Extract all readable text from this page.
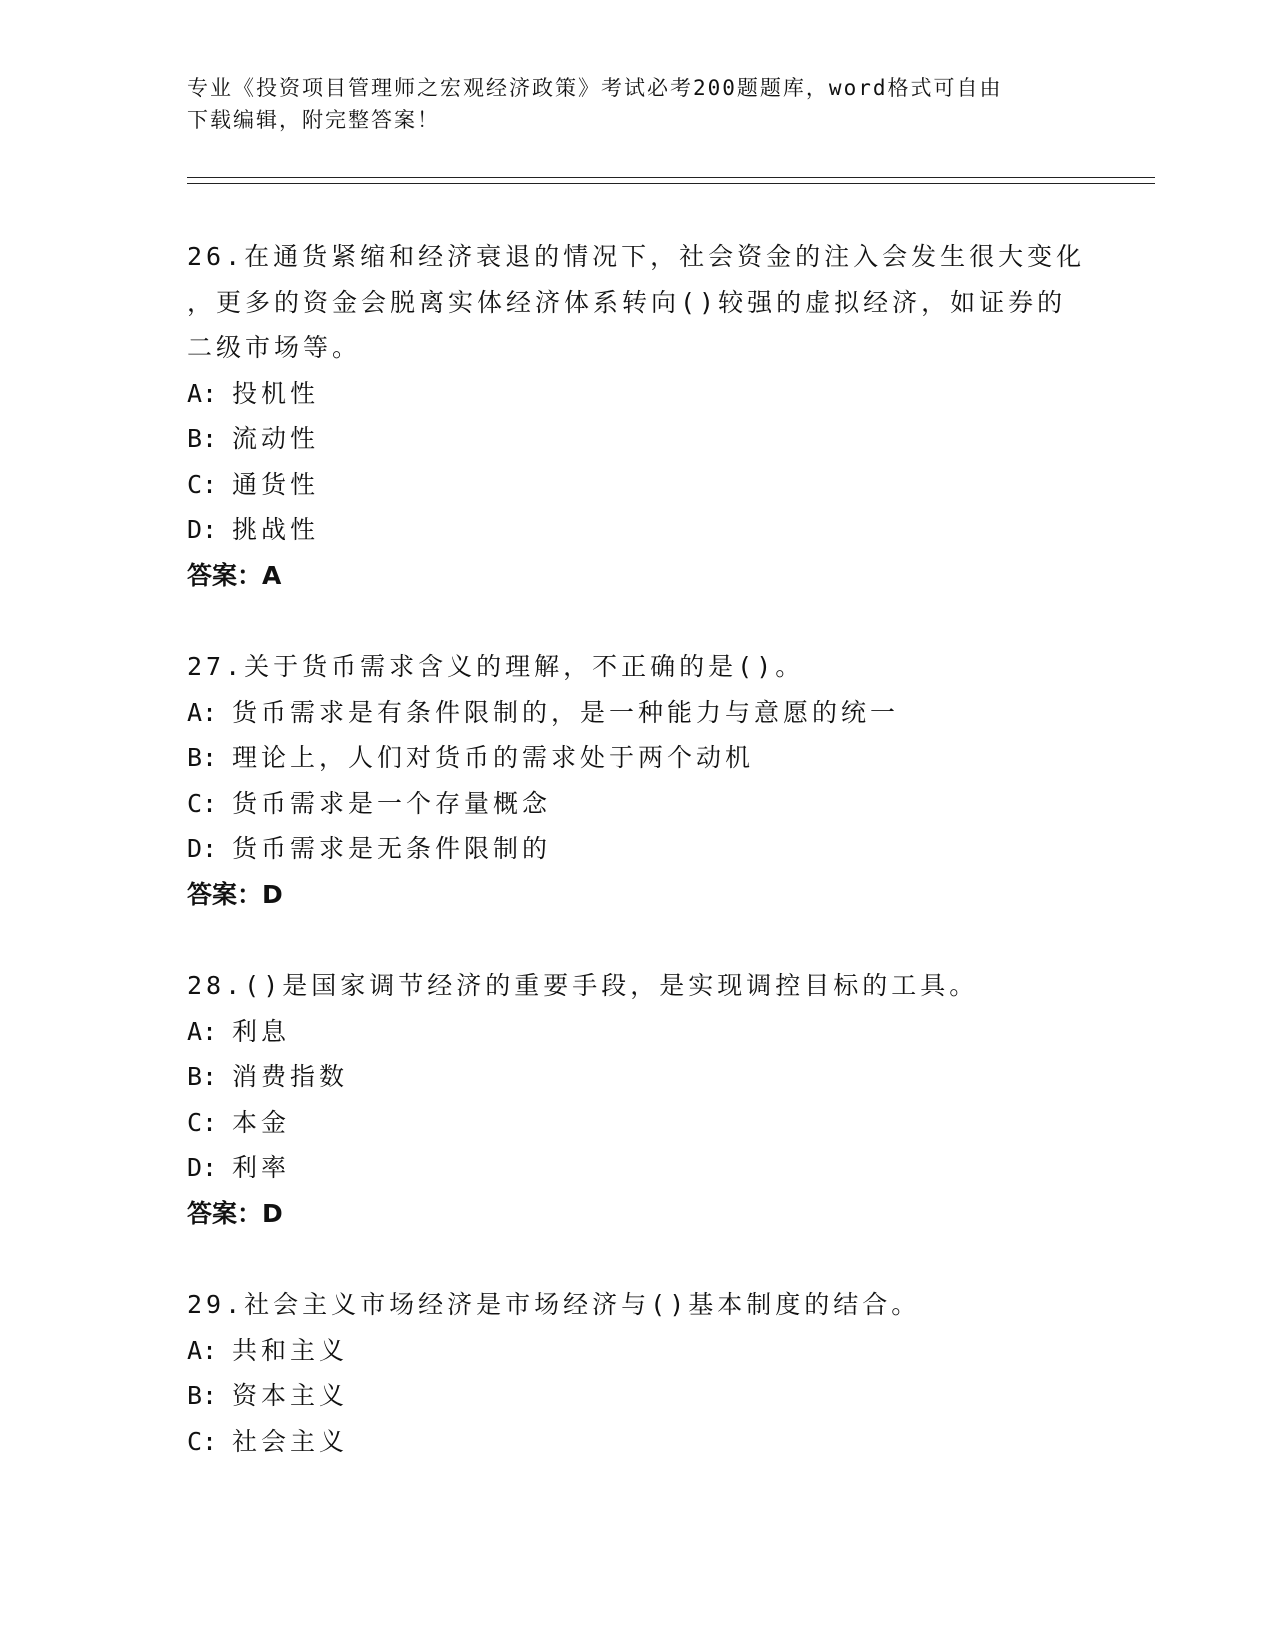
专业《投资项目管理师之宏观经济政策》考试必考200题题库，word格式可自由
下载编辑，附完整答案！
26.在通货紧缩和经济衰退的情况下，社会资金的注入会发生很大变化
，更多的资金会脱离实体经济体系转向()较强的虚拟经济，如证券的
二级市场等。
A: 投机性
B: 流动性
C: 通货性
D: 挑战性
答案：A
27.关于货币需求含义的理解，不正确的是()。
A: 货币需求是有条件限制的，是一种能力与意愿的统一
B: 理论上，人们对货币的需求处于两个动机
C: 货币需求是一个存量概念
D: 货币需求是无条件限制的
答案：D
28.()是国家调节经济的重要手段，是实现调控目标的工具。
A: 利息
B: 消费指数
C: 本金
D: 利率
答案：D
29.社会主义市场经济是市场经济与()基本制度的结合。
A: 共和主义
B: 资本主义
C: 社会主义
